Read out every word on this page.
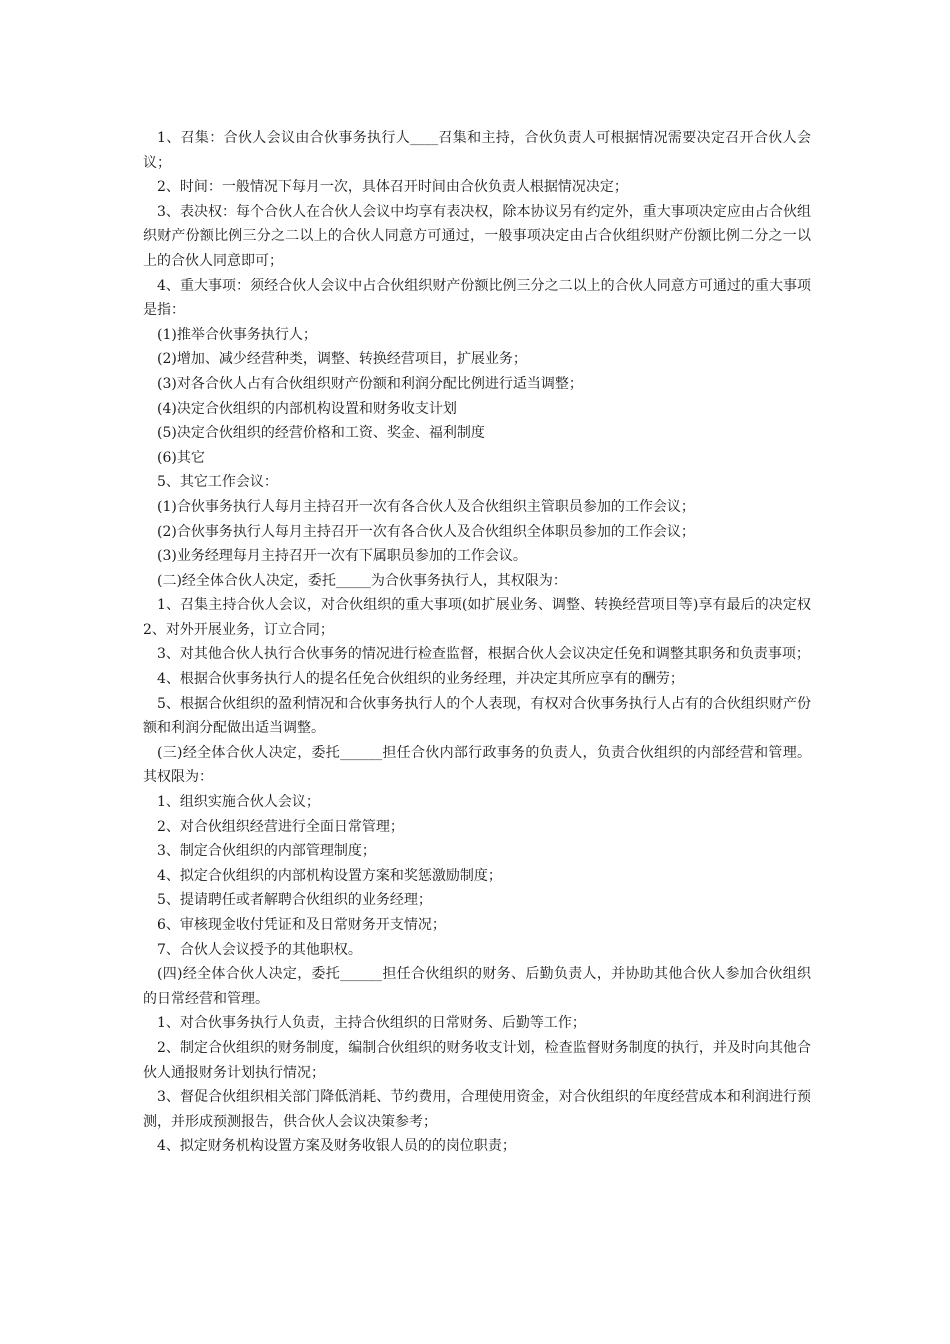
1、召集：合伙人会议由合伙事务执行人____召集和主持，合伙负责人可根据情况需要决定召开合伙人会议；

2、时间：一般情况下每月一次，具体召开时间由合伙负责人根据情况决定；

3、表决权：每个合伙人在合伙人会议中均享有表决权，除本协议另有约定外，重大事项决定应由占合伙组织财产份额比例三分之二以上的合伙人同意方可通过，一般事项决定由占合伙组织财产份额比例二分之一以上的合伙人同意即可；

4、重大事项：须经合伙人会议中占合伙组织财产份额比例三分之二以上的合伙人同意方可通过的重大事项是指：

(1)推举合伙事务执行人；

(2)增加、减少经营种类，调整、转换经营项目，扩展业务；

(3)对各合伙人占有合伙组织财产份额和利润分配比例进行适当调整；

(4)决定合伙组织的内部机构设置和财务收支计划

(5)决定合伙组织的经营价格和工资、奖金、福利制度

(6)其它

5、其它工作会议：

(1)合伙事务执行人每月主持召开一次有各合伙人及合伙组织主管职员参加的工作会议；

(2)合伙事务执行人每月主持召开一次有各合伙人及合伙组织全体职员参加的工作会议；

(3)业务经理每月主持召开一次有下属职员参加的工作会议。

(二)经全体合伙人决定，委托_____为合伙事务执行人，其权限为：

1、召集主持合伙人会议，对合伙组织的重大事项(如扩展业务、调整、转换经营项目等)享有最后的决定权 2、对外开展业务，订立合同；

3、对其他合伙人执行合伙事务的情况进行检查监督，根据合伙人会议决定任免和调整其职务和负责事项；

4、根据合伙事务执行人的提名任免合伙组织的业务经理，并决定其所应享有的酬劳；

5、根据合伙组织的盈利情况和合伙事务执行人的个人表现，有权对合伙事务执行人占有的合伙组织财产份额和利润分配做出适当调整。

(三)经全体合伙人决定，委托______担任合伙内部行政事务的负责人，负责合伙组织的内部经营和管理。其权限为：

1、组织实施合伙人会议；

2、对合伙组织经营进行全面日常管理；

3、制定合伙组织的内部管理制度；

4、拟定合伙组织的内部机构设置方案和奖惩激励制度；

5、提请聘任或者解聘合伙组织的业务经理；

6、审核现金收付凭证和及日常财务开支情况；

7、合伙人会议授予的其他职权。

(四)经全体合伙人决定，委托______担任合伙组织的财务、后勤负责人，并协助其他合伙人参加合伙组织的日常经营和管理。

1、对合伙事务执行人负责，主持合伙组织的日常财务、后勤等工作；

2、制定合伙组织的财务制度，编制合伙组织的财务收支计划，检查监督财务制度的执行，并及时向其他合伙人通报财务计划执行情况；

3、督促合伙组织相关部门降低消耗、节约费用，合理使用资金，对合伙组织的年度经营成本和利润进行预测，并形成预测报告，供合伙人会议决策参考；

4、拟定财务机构设置方案及财务收银人员的的岗位职责；
